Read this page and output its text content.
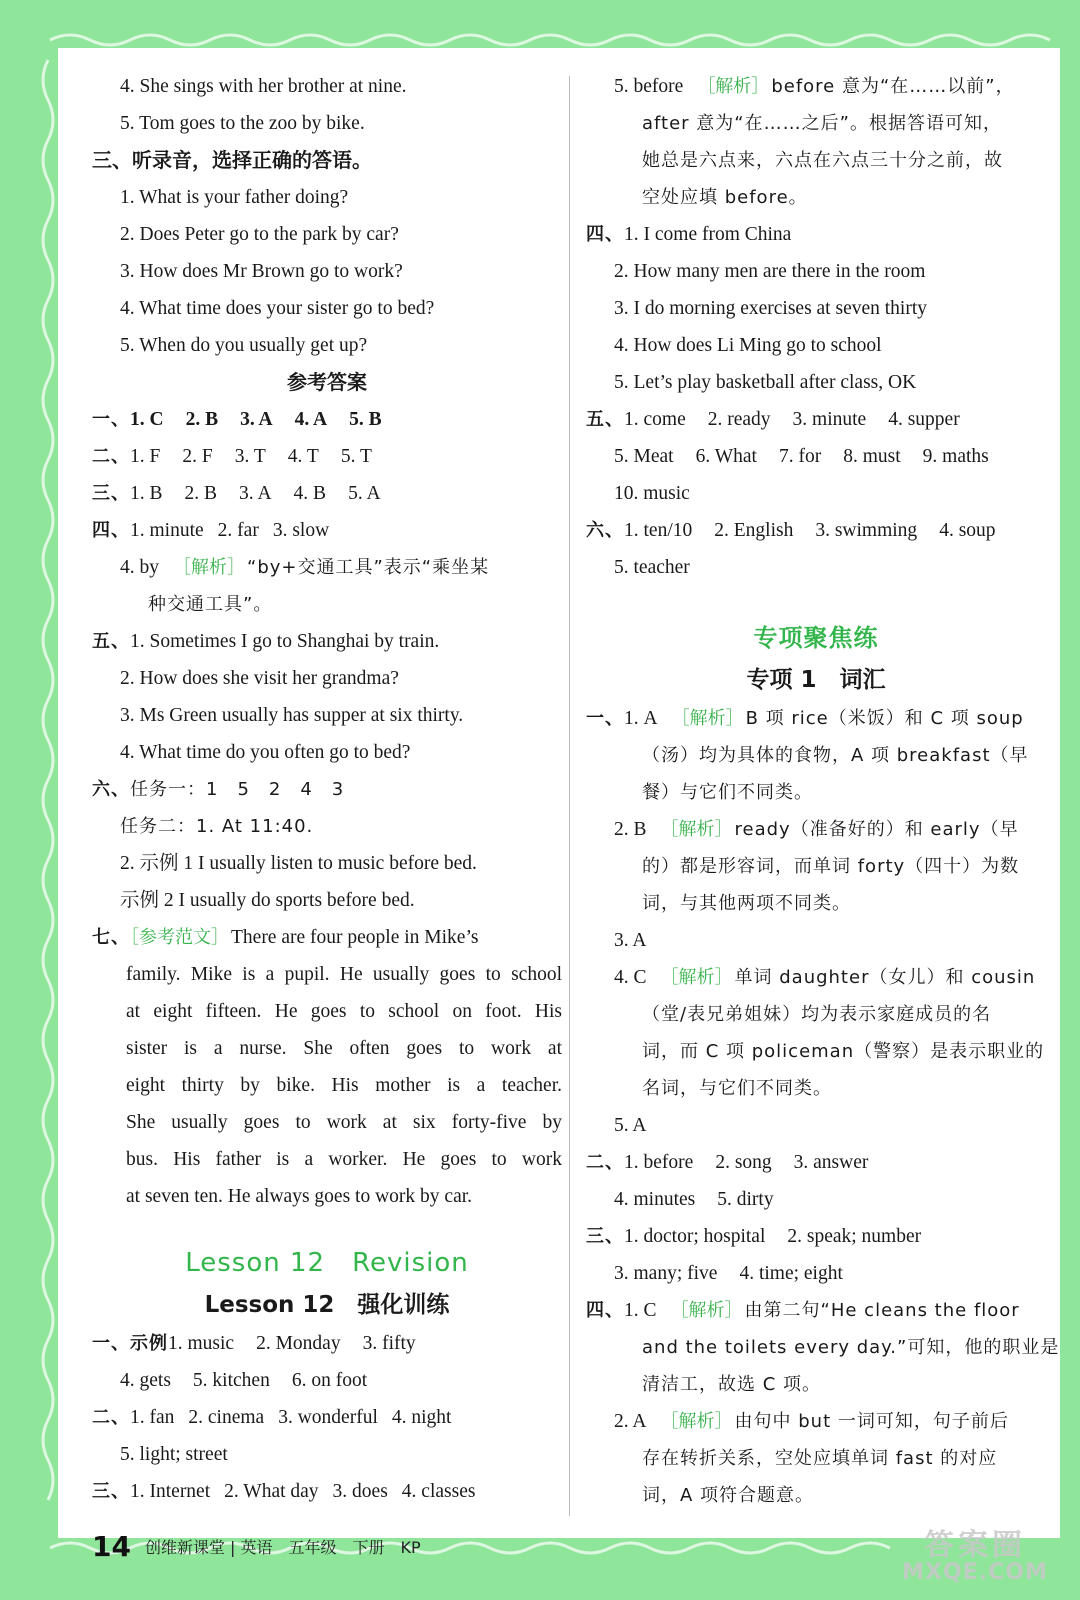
4. She sings with her brother at nine.
5. Tom goes to the zoo by bike.
三、听录音，选择正确的答语。
1. What is your father doing?
2. Does Peter go to the park by car?
3. How does Mr Brown go to work?
4. What time does your sister go to bed?
5. When do you usually get up?
参考答案
一、1. C 2. B 3. A 4. A 5. B
二、1. F 2. F 3. T 4. T 5. T
三、1. B 2. B 3. A 4. B 5. A
四、1. minute 2. far 3. slow
4. by ［解析］ “by+交通工具”表示“乘坐某
种交通工具”。
五、1. Sometimes I go to Shanghai by train.
2. How does she visit her grandma?
3. Ms Green usually has supper at six thirty.
4. What time do you often go to bed?
六、任务一：1　5　2　4　3
任务二：1. At 11:40.
2. 示例 1 I usually listen to music before bed.
示例 2 I usually do sports before bed.
七、［参考范文］ There are four people in Mike’s
family. Mike is a pupil. He usually goes to school
at eight fifteen. He goes to school on foot. His
sister is a nurse. She often goes to work at
eight thirty by bike. His mother is a teacher.
She usually goes to work at six forty-five by
bus. His father is a worker. He goes to work
at seven ten. He always goes to work by car.
Lesson 12　Revision
Lesson 12　强化训练
一、示例1. music 2. Monday 3. fifty
4. gets 5. kitchen 6. on foot
二、1. fan 2. cinema 3. wonderful 4. night
5. light; street
三、1. Internet 2. What day 3. does 4. classes
5. before ［解析］ before 意为“在……以前”，
after 意为“在……之后”。根据答语可知，
她总是六点来，六点在六点三十分之前，故
空处应填 before。
四、1. I come from China
2. How many men are there in the room
3. I do morning exercises at seven thirty
4. How does Li Ming go to school
5. Let’s play basketball after class, OK
五、1. come 2. ready 3. minute 4. supper
5. Meat 6. What 7. for 8. must 9. maths
10. music
六、1. ten/10 2. English 3. swimming 4. soup
5. teacher
专项聚焦练
专项 1　词汇
一、1. A ［解析］ B 项 rice（米饭）和 C 项 soup
（汤）均为具体的食物，A 项 breakfast（早
餐）与它们不同类。
2. B ［解析］ ready（准备好的）和 early（早
的）都是形容词，而单词 forty（四十）为数
词，与其他两项不同类。
3. A
4. C ［解析］ 单词 daughter（女儿）和 cousin
（堂/表兄弟姐妹）均为表示家庭成员的名
词，而 C 项 policeman（警察）是表示职业的
名词，与它们不同类。
5. A
二、1. before 2. song 3. answer
4. minutes 5. dirty
三、1. doctor; hospital 2. speak; number
3. many; five 4. time; eight
四、1. C ［解析］ 由第二句“He cleans the floor
and the toilets every day.”可知，他的职业是
清洁工，故选 C 项。
2. A ［解析］ 由句中 but 一词可知，句子前后
存在转折关系，空处应填单词 fast 的对应
词，A 项符合题意。
14 创维新课堂 | 英语　五年级　下册　KP	答案圈
MXQE.COM
